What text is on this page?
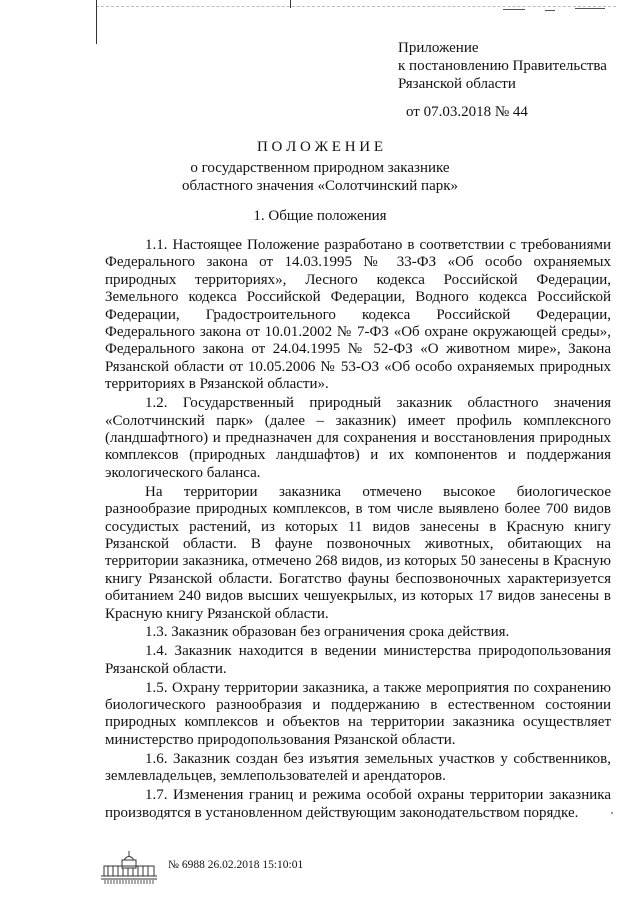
Приложение
к постановлению Правительства
Рязанской области
от 07.03.2018 № 44
П О Л О Ж Е Н И Е
о государственном природном заказнике
областного значения «Солотчинский парк»
1. Общие положения

1.1. Настоящее Положение разработано в соответствии с требованиями Федерального закона от 14.03.1995 № 33-ФЗ «Об особо охраняемых природных территориях», Лесного кодекса Российской Федерации, Земельного кодекса Российской Федерации, Водного кодекса Российской Федерации, Градостроительного кодекса Российской Федерации, Федерального закона от 10.01.2002 № 7-ФЗ «Об охране окружающей среды», Федерального закона от 24.04.1995 № 52-ФЗ «О животном мире», Закона Рязанской области от 10.05.2006 № 53-ОЗ «Об особо охраняемых природных территориях в Рязанской области».

1.2. Государственный природный заказник областного значения «Солотчинский парк» (далее – заказник) имеет профиль комплексного (ландшафтного) и предназначен для сохранения и восстановления природных комплексов (природных ландшафтов) и их компонентов и поддержания экологического баланса.

На территории заказника отмечено высокое биологическое разнообразие природных комплексов, в том числе выявлено более 700 видов сосудистых растений, из которых 11 видов занесены в Красную книгу Рязанской области. В фауне позвоночных животных, обитающих на территории заказника, отмечено 268 видов, из которых 50 занесены в Красную книгу Рязанской области. Богатство фауны беспозвоночных характеризуется обитанием 240 видов высших чешуекрылых, из которых 17 видов занесены в Красную книгу Рязанской области.

1.3. Заказник образован без ограничения срока действия.

1.4. Заказник находится в ведении министерства природопользования Рязанской области.

1.5. Охрану территории заказника, а также мероприятия по сохранению биологического разнообразия и поддержанию в естественном состоянии природных комплексов и объектов на территории заказника осуществляет министерство природопользования Рязанской области.

1.6. Заказник создан без изъятия земельных участков у собственников, землевладельцев, землепользователей и арендаторов.

1.7. Изменения границ и режима особой охраны территории заказника производятся в установленном действующим законодательством порядке.

№ 6988 26.02.2018 15:10:01
